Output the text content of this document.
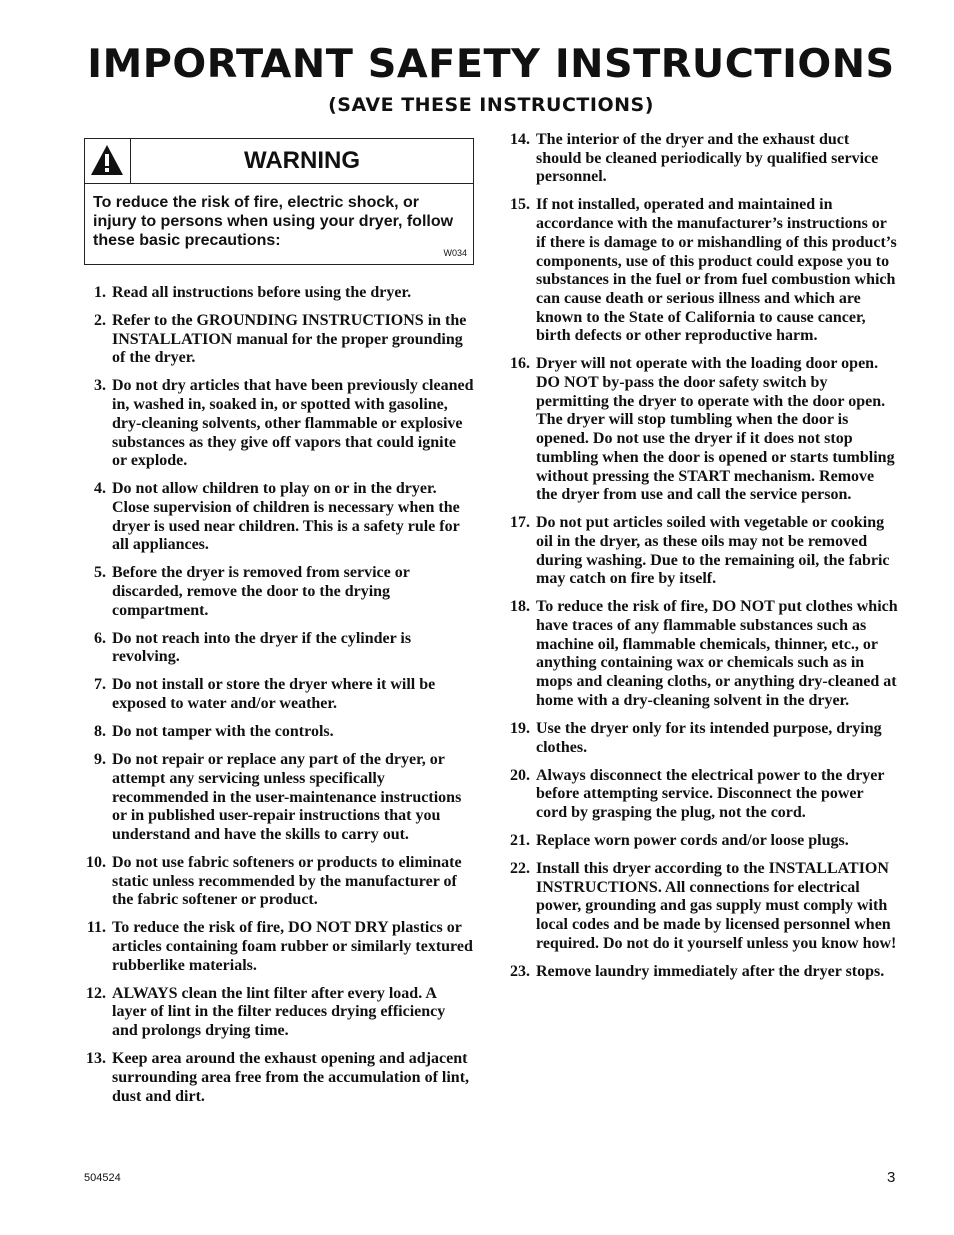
IMPORTANT SAFETY INSTRUCTIONS
(SAVE THESE INSTRUCTIONS)
WARNING
To reduce the risk of fire, electric shock, or injury to persons when using your dryer, follow these basic precautions:
W034
1. Read all instructions before using the dryer.
2. Refer to the GROUNDING INSTRUCTIONS in the INSTALLATION manual for the proper grounding of the dryer.
3. Do not dry articles that have been previously cleaned in, washed in, soaked in, or spotted with gasoline, dry-cleaning solvents, other flammable or explosive substances as they give off vapors that could ignite or explode.
4. Do not allow children to play on or in the dryer. Close supervision of children is necessary when the dryer is used near children. This is a safety rule for all appliances.
5. Before the dryer is removed from service or discarded, remove the door to the drying compartment.
6. Do not reach into the dryer if the cylinder is revolving.
7. Do not install or store the dryer where it will be exposed to water and/or weather.
8. Do not tamper with the controls.
9. Do not repair or replace any part of the dryer, or attempt any servicing unless specifically recommended in the user-maintenance instructions or in published user-repair instructions that you understand and have the skills to carry out.
10. Do not use fabric softeners or products to eliminate static unless recommended by the manufacturer of the fabric softener or product.
11. To reduce the risk of fire, DO NOT DRY plastics or articles containing foam rubber or similarly textured rubberlike materials.
12. ALWAYS clean the lint filter after every load. A layer of lint in the filter reduces drying efficiency and prolongs drying time.
13. Keep area around the exhaust opening and adjacent surrounding area free from the accumulation of lint, dust and dirt.
14. The interior of the dryer and the exhaust duct should be cleaned periodically by qualified service personnel.
15. If not installed, operated and maintained in accordance with the manufacturer’s instructions or if there is damage to or mishandling of this product’s components, use of this product could expose you to substances in the fuel or from fuel combustion which can cause death or serious illness and which are known to the State of California to cause cancer, birth defects or other reproductive harm.
16. Dryer will not operate with the loading door open. DO NOT by-pass the door safety switch by permitting the dryer to operate with the door open. The dryer will stop tumbling when the door is opened. Do not use the dryer if it does not stop tumbling when the door is opened or starts tumbling without pressing the START mechanism. Remove the dryer from use and call the service person.
17. Do not put articles soiled with vegetable or cooking oil in the dryer, as these oils may not be removed during washing. Due to the remaining oil, the fabric may catch on fire by itself.
18. To reduce the risk of fire, DO NOT put clothes which have traces of any flammable substances such as machine oil, flammable chemicals, thinner, etc., or anything containing wax or chemicals such as in mops and cleaning cloths, or anything dry-cleaned at home with a dry-cleaning solvent in the dryer.
19. Use the dryer only for its intended purpose, drying clothes.
20. Always disconnect the electrical power to the dryer before attempting service. Disconnect the power cord by grasping the plug, not the cord.
21. Replace worn power cords and/or loose plugs.
22. Install this dryer according to the INSTALLATION INSTRUCTIONS. All connections for electrical power, grounding and gas supply must comply with local codes and be made by licensed personnel when required. Do not do it yourself unless you know how!
23. Remove laundry immediately after the dryer stops.
504524	3
